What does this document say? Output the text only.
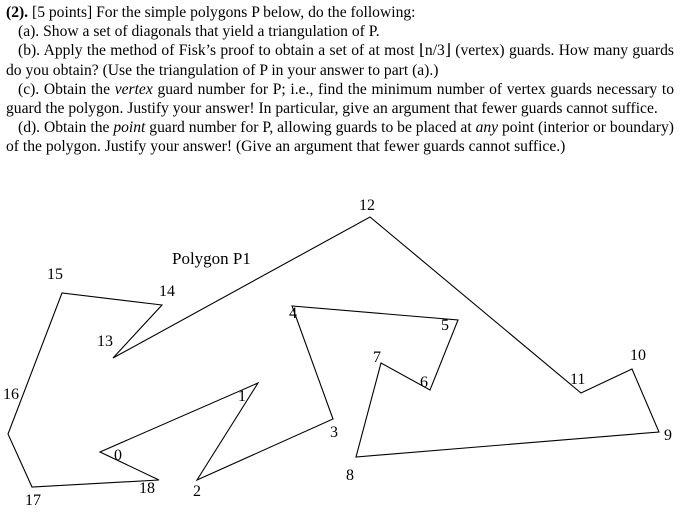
(2). [5 points] For the simple polygons P below, do the following:

(a). Show a set of diagonals that yield a triangulation of P.

(b). Apply the method of Fisk’s proof to obtain a set of at most ⌊n/3⌋ (vertex) guards. How many guards do you obtain? (Use the triangulation of P in your answer to part (a).)

(c). Obtain the vertex guard number for P; i.e., find the minimum number of vertex guards necessary to guard the polygon. Justify your answer! In particular, give an argument that fewer guards cannot suffice.

(d). Obtain the point guard number for P, allowing guards to be placed at any point (interior or boundary) of the polygon. Justify your answer! (Give an argument that fewer guards cannot suffice.)

Polygon P1
0
1
2
3
4
5
6
7
8
9
10
11
12
13
14
15
16
17
18
